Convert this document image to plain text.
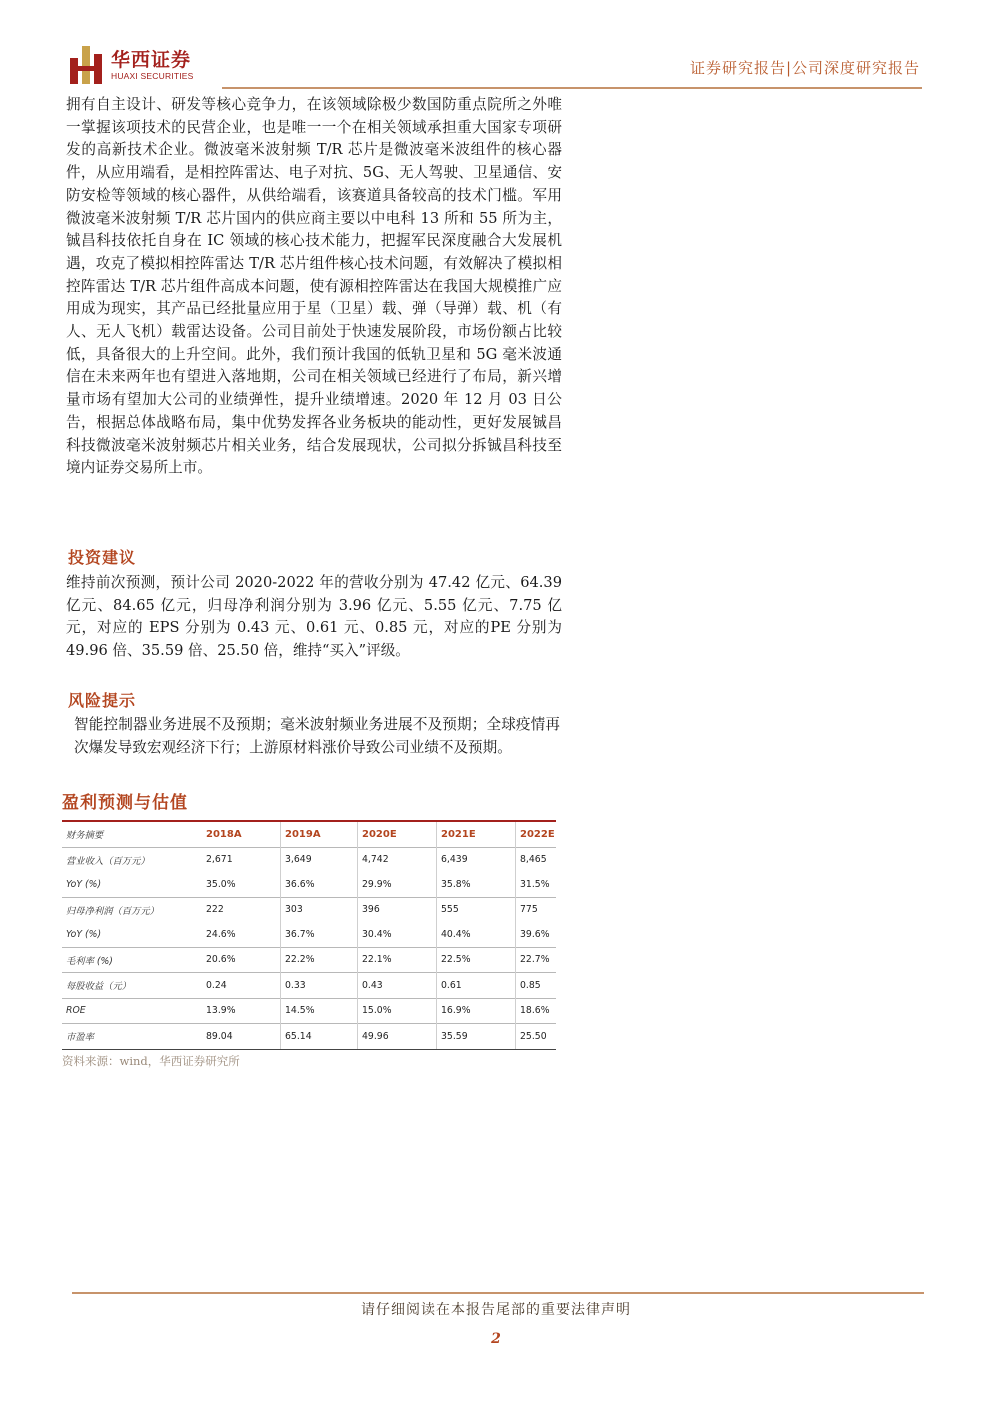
华西证券
HUAXI SECURITIES	证券研究报告|公司深度研究报告
拥有自主设计、研发等核心竞争力，在该领域除极少数国防重点院所之外唯一掌握该项技术的民营企业，也是唯一一个在相关领域承担重大国家专项研发的高新技术企业。微波毫米波射频 T/R 芯片是微波毫米波组件的核心器件，从应用端看，是相控阵雷达、电子对抗、5G、无人驾驶、卫星通信、安防安检等领域的核心器件，从供给端看，该赛道具备较高的技术门槛。军用微波毫米波射频 T/R 芯片国内的供应商主要以中电科 13 所和 55 所为主，铖昌科技依托自身在 IC 领域的核心技术能力，把握军民深度融合大发展机遇，攻克了模拟相控阵雷达 T/R 芯片组件核心技术问题，有效解决了模拟相控阵雷达 T/R 芯片组件高成本问题，使有源相控阵雷达在我国大规模推广应用成为现实，其产品已经批量应用于星（卫星）载、弹（导弹）载、机（有人、无人飞机）载雷达设备。公司目前处于快速发展阶段，市场份额占比较低，具备很大的上升空间。此外，我们预计我国的低轨卫星和 5G 毫米波通信在未来两年也有望进入落地期，公司在相关领域已经进行了布局，新兴增量市场有望加大公司的业绩弹性，提升业绩增速。2020 年 12 月 03 日公告，根据总体战略布局，集中优势发挥各业务板块的能动性，更好发展铖昌科技微波毫米波射频芯片相关业务，结合发展现状，公司拟分拆铖昌科技至境内证券交易所上市。
投资建议
维持前次预测，预计公司 2020-2022 年的营收分别为 47.42 亿元、64.39 亿元、84.65 亿元，归母净利润分别为 3.96 亿元、5.55 亿元、7.75 亿元，对应的 EPS 分别为 0.43 元、0.61 元、0.85 元，对应的PE 分别为 49.96 倍、35.59 倍、25.50 倍，维持“买入”评级。
风险提示
智能控制器业务进展不及预期；毫米波射频业务进展不及预期；全球疫情再次爆发导致宏观经济下行；上游原材料涨价导致公司业绩不及预期。
盈利预测与估值
财务摘要	2018A	2019A	2020E	2021E	2022E
营业收入（百万元）	2,671	3,649	4,742	6,439	8,465
YoY (%)	35.0%	36.6%	29.9%	35.8%	31.5%
归母净利润（百万元）	222	303	396	555	775
YoY (%)	24.6%	36.7%	30.4%	40.4%	39.6%
毛利率 (%)	20.6%	22.2%	22.1%	22.5%	22.7%
每股收益（元）	0.24	0.33	0.43	0.61	0.85
ROE	13.9%	14.5%	15.0%	16.9%	18.6%
市盈率	89.04	65.14	49.96	35.59	25.50
资料来源：wind，华西证券研究所
请仔细阅读在本报告尾部的重要法律声明
2
